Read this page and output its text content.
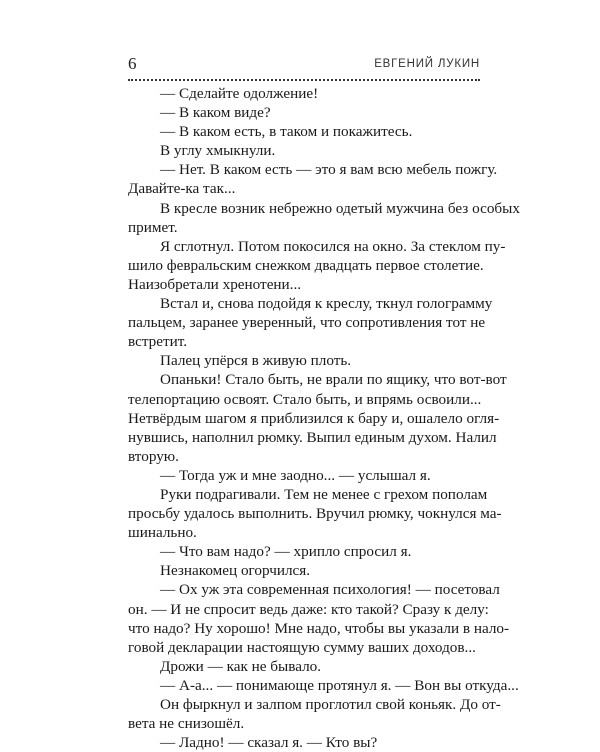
6	ЕВГЕНИЙ ЛУКИН
— Сделайте одолжение!
— В каком виде?
— В каком есть, в таком и покажитесь.
В углу хмыкнули.
— Нет. В каком есть — это я вам всю мебель пожгу.
Давайте-ка так...
В кресле возник небрежно одетый мужчина без особых
примет.
Я сглотнул. Потом покосился на окно. За стеклом пу-
шило февральским снежком двадцать первое столетие.
Наизобретали хренотени...
Встал и, снова подойдя к креслу, ткнул голограмму
пальцем, заранее уверенный, что сопротивления тот не
встретит.
Палец упёрся в живую плоть.
Опаньки! Стало быть, не врали по ящику, что вот-вот
телепортацию освоят. Стало быть, и впрямь освоили...
Нетвёрдым шагом я приблизился к бару и, ошалело огля-
нувшись, наполнил рюмку. Выпил единым духом. Налил
вторую.
— Тогда уж и мне заодно... — услышал я.
Руки подрагивали. Тем не менее с грехом пополам
просьбу удалось выполнить. Вручил рюмку, чокнулся ма-
шинально.
— Что вам надо? — хрипло спросил я.
Незнакомец огорчился.
— Ох уж эта современная психология! — посетовал
он. — И не спросит ведь даже: кто такой? Сразу к делу:
что надо? Ну хорошо! Мне надо, чтобы вы указали в нало-
говой декларации настоящую сумму ваших доходов...
Дрожи — как не бывало.
— А-а... — понимающе протянул я. — Вон вы откуда...
Он фыркнул и залпом проглотил свой коньяк. До от-
вета не снизошёл.
— Ладно! — сказал я. — Кто вы?
